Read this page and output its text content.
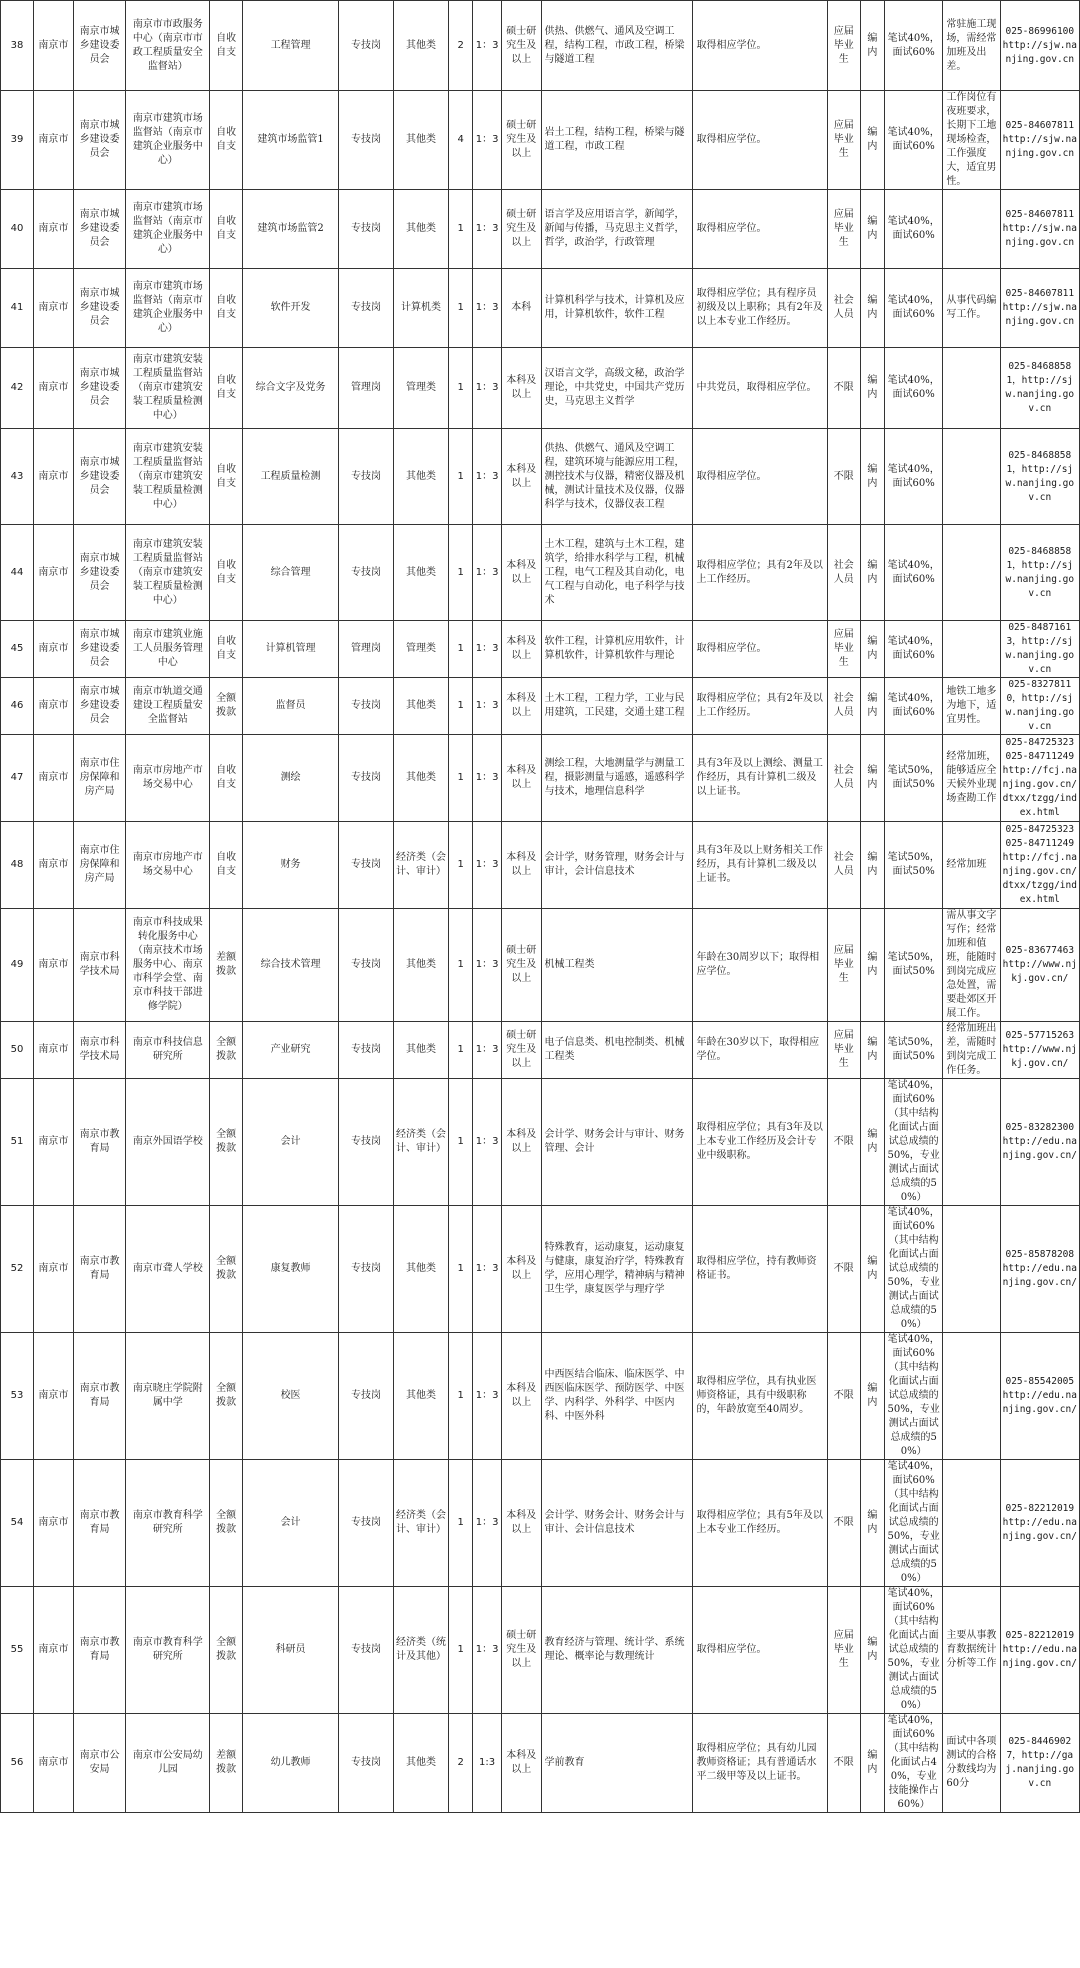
38	南京市	南京市城乡建设委员会	南京市市政服务中心（南京市市政工程质量安全监督站）	自收自支	工程管理	专技岗	其他类	2	1：3	硕士研究生及以上	供热、供燃气、通风及空调工程，结构工程，市政工程，桥梁与隧道工程	取得相应学位。	应届毕业生	编内	笔试40%，面试60%	常驻施工现场，需经常加班及出差。	025-86996100 http://sjw.nanjing.gov.cn
39	南京市	南京市城乡建设委员会	南京市建筑市场监督站（南京市建筑企业服务中心）	自收自支	建筑市场监管1	专技岗	其他类	4	1：3	硕士研究生及以上	岩土工程，结构工程，桥梁与隧道工程，市政工程	取得相应学位。	应届毕业生	编内	笔试40%，面试60%	工作岗位有夜班要求，长期下工地现场检查，工作强度大，适宜男性。	025-84607811 http://sjw.nanjing.gov.cn
40	南京市	南京市城乡建设委员会	南京市建筑市场监督站（南京市建筑企业服务中心）	自收自支	建筑市场监管2	专技岗	其他类	1	1：3	硕士研究生及以上	语言学及应用语言学，新闻学，新闻与传播，马克思主义哲学，哲学，政治学，行政管理	取得相应学位。	应届毕业生	编内	笔试40%，面试60%		025-84607811 http://sjw.nanjing.gov.cn
41	南京市	南京市城乡建设委员会	南京市建筑市场监督站（南京市建筑企业服务中心）	自收自支	软件开发	专技岗	计算机类	1	1：3	本科	计算机科学与技术，计算机及应用，计算机软件，软件工程	取得相应学位；具有程序员初级及以上职称；具有2年及以上本专业工作经历。	社会人员	编内	笔试40%，面试60%	从事代码编写工作。	025-84607811 http://sjw.nanjing.gov.cn
42	南京市	南京市城乡建设委员会	南京市建筑安装工程质量监督站（南京市建筑安装工程质量检测中心）	自收自支	综合文字及党务	管理岗	管理类	1	1：3	本科及以上	汉语言文学，高级文秘，政治学理论，中共党史，中国共产党历史，马克思主义哲学	中共党员，取得相应学位。	不限	编内	笔试40%，面试60%		025-84688581，http://sjw.nanjing.gov.cn
43	南京市	南京市城乡建设委员会	南京市建筑安装工程质量监督站（南京市建筑安装工程质量检测中心）	自收自支	工程质量检测	专技岗	其他类	1	1：3	本科及以上	供热、供燃气、通风及空调工程，建筑环境与能源应用工程，测控技术与仪器，精密仪器及机械，测试计量技术及仪器，仪器科学与技术，仪器仪表工程	取得相应学位。	不限	编内	笔试40%，面试60%		025-84688581，http://sjw.nanjing.gov.cn
44	南京市	南京市城乡建设委员会	南京市建筑安装工程质量监督站（南京市建筑安装工程质量检测中心）	自收自支	综合管理	专技岗	其他类	1	1：3	本科及以上	土木工程，建筑与土木工程，建筑学，给排水科学与工程，机械工程，电气工程及其自动化，电气工程与自动化，电子科学与技术	取得相应学位；具有2年及以上工作经历。	社会人员	编内	笔试40%，面试60%		025-84688581，http://sjw.nanjing.gov.cn
45	南京市	南京市城乡建设委员会	南京市建筑业施工人员服务管理中心	自收自支	计算机管理	管理岗	管理类	1	1：3	本科及以上	软件工程，计算机应用软件，计算机软件，计算机软件与理论	取得相应学位。	应届毕业生	编内	笔试40%，面试60%		025-84871613，http://sjw.nanjing.gov.cn
46	南京市	南京市城乡建设委员会	南京市轨道交通建设工程质量安全监督站	全额拨款	监督员	专技岗	其他类	1	1：3	本科及以上	土木工程，工程力学，工业与民用建筑，工民建，交通土建工程	取得相应学位；具有2年及以上工作经历。	社会人员	编内	笔试40%，面试60%	地铁工地多为地下，适宜男性。	025-83278110，http://sjw.nanjing.gov.cn
47	南京市	南京市住房保障和房产局	南京市房地产市场交易中心	自收自支	测绘	专技岗	其他类	1	1：3	本科及以上	测绘工程，大地测量学与测量工程，摄影测量与遥感，遥感科学与技术，地理信息科学	具有3年及以上测绘、测量工作经历，具有计算机二级及以上证书。	社会人员	编内	笔试50%，面试50%	经常加班，能够适应全天候外业现场查勘工作	025-84725323 025-84711249 http://fcj.nanjing.gov.cn/dtxx/tzgg/index.html
48	南京市	南京市住房保障和房产局	南京市房地产市场交易中心	自收自支	财务	专技岗	经济类（会计、审计）	1	1：3	本科及以上	会计学，财务管理，财务会计与审计，会计信息技术	具有3年及以上财务相关工作经历，具有计算机二级及以上证书。	社会人员	编内	笔试50%，面试50%	经常加班	025-84725323 025-84711249 http://fcj.nanjing.gov.cn/dtxx/tzgg/index.html
49	南京市	南京市科学技术局	南京市科技成果转化服务中心（南京技术市场服务中心、南京市科学会堂、南京市科技干部进修学院）	差额拨款	综合技术管理	专技岗	其他类	1	1：3	硕士研究生及以上	机械工程类	年龄在30周岁以下；取得相应学位。	应届毕业生	编内	笔试50%，面试50%	需从事文字写作；经常加班和值班，能随时到岗完成应急处置，需要赴郊区开展工作。	025-83677463 http://www.njkj.gov.cn/
50	南京市	南京市科学技术局	南京市科技信息研究所	全额拨款	产业研究	专技岗	其他类	1	1：3	硕士研究生及以上	电子信息类、机电控制类、机械工程类	年龄在30岁以下，取得相应学位。	应届毕业生	编内	笔试50%，面试50%	经常加班出差，需随时到岗完成工作任务。	025-57715263 http://www.njkj.gov.cn/
51	南京市	南京市教育局	南京外国语学校	全额拨款	会计	专技岗	经济类（会计、审计）	1	1：3	本科及以上	会计学、财务会计与审计、财务管理、会计	取得相应学位；具有3年及以上本专业工作经历及会计专业中级职称。	不限	编内	笔试40%，面试60%（其中结构化面试占面试总成绩的50%，专业测试占面试总成绩的50%）		025-83282300 http://edu.nanjing.gov.cn/
52	南京市	南京市教育局	南京市聋人学校	全额拨款	康复教师	专技岗	其他类	1	1：3	本科及以上	特殊教育，运动康复，运动康复与健康，康复治疗学，特殊教育学，应用心理学，精神病与精神卫生学，康复医学与理疗学	取得相应学位，持有教师资格证书。	不限	编内	笔试40%，面试60%（其中结构化面试占面试总成绩的50%，专业测试占面试总成绩的50%）		025-85878208 http://edu.nanjing.gov.cn/
53	南京市	南京市教育局	南京晓庄学院附属中学	全额拨款	校医	专技岗	其他类	1	1：3	本科及以上	中西医结合临床、临床医学、中西医临床医学、预防医学、中医学、内科学、外科学、中医内科、中医外科	取得相应学位，具有执业医师资格证，具有中级职称的，年龄放宽至40周岁。	不限	编内	笔试40%，面试60%（其中结构化面试占面试总成绩的50%，专业测试占面试总成绩的50%）		025-85542005 http://edu.nanjing.gov.cn/
54	南京市	南京市教育局	南京市教育科学研究所	全额拨款	会计	专技岗	经济类（会计、审计）	1	1：3	本科及以上	会计学、财务会计、财务会计与审计、会计信息技术	取得相应学位；具有5年及以上本专业工作经历。	不限	编内	笔试40%，面试60%（其中结构化面试占面试总成绩的50%，专业测试占面试总成绩的50%）		025-82212019 http://edu.nanjing.gov.cn/
55	南京市	南京市教育局	南京市教育科学研究所	全额拨款	科研员	专技岗	经济类（统计及其他）	1	1：3	硕士研究生及以上	教育经济与管理、统计学、系统理论、概率论与数理统计	取得相应学位。	应届毕业生	编内	笔试40%，面试60%（其中结构化面试占面试总成绩的50%，专业测试占面试总成绩的50%）	主要从事教育数据统计分析等工作	025-82212019 http://edu.nanjing.gov.cn/
56	南京市	南京市公安局	南京市公安局幼儿园	差额拨款	幼儿教师	专技岗	其他类	2	1:3	本科及以上	学前教育	取得相应学位；具有幼儿园教师资格证；具有普通话水平二级甲等及以上证书。	不限	编内	笔试40%，面试60%（其中结构化面试占40%，专业技能操作占60%）	面试中各项测试的合格分数线均为60分	025-84469027，http://gaj.nanjing.gov.cn
